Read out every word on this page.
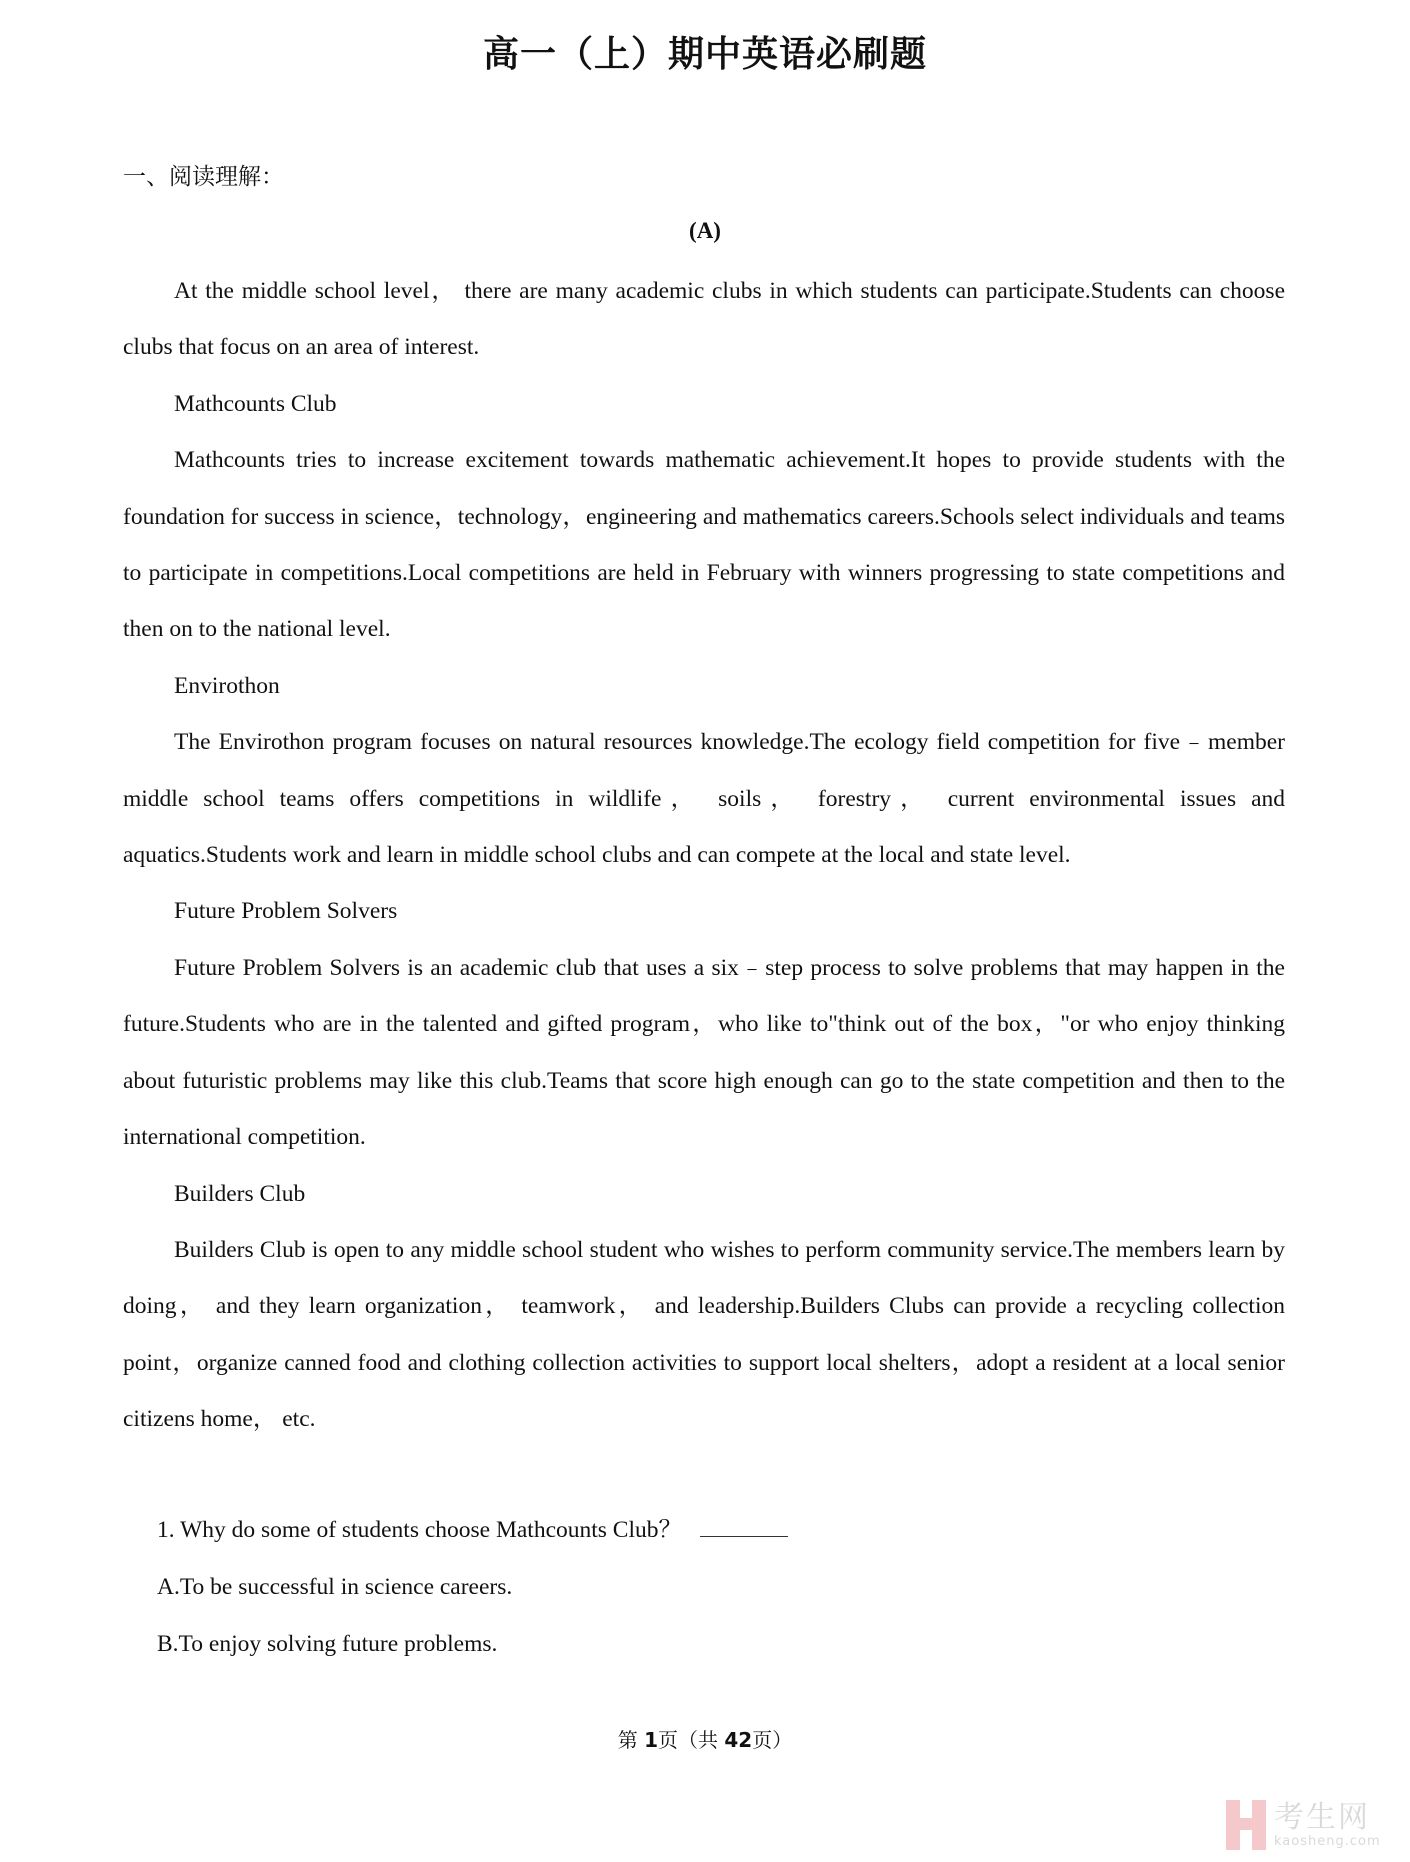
高一（上）期中英语必刷题
一、阅读理解：
(A)

At the middle school level， there are many academic clubs in which students can participate.Students can choose clubs that focus on an area of interest.

Mathcounts Club

Mathcounts tries to increase excitement towards mathematic achievement.It hopes to provide students with the foundation for success in science，technology，engineering and mathematics careers.Schools select individuals and teams to participate in competitions.Local competitions are held in February with winners progressing to state competitions and then on to the national level.

Envirothon

The Envirothon program focuses on natural resources knowledge.The ecology field competition for five﹣member middle school teams offers competitions in wildlife， soils， forestry， current environmental issues and aquatics.Students work and learn in middle school clubs and can compete at the local and state level.

Future Problem Solvers

Future Problem Solvers is an academic club that uses a six﹣step process to solve problems that may happen in the future.Students who are in the talented and gifted program，who like to"think out of the box，"or who enjoy thinking about futuristic problems may like this club.Teams that score high enough can go to the state competition and then to the international competition.

Builders Club

Builders Club is open to any middle school student who wishes to perform community service.The members learn by doing， and they learn organization， teamwork， and leadership.Builders Clubs can provide a recycling collection point，organize canned food and clothing collection activities to support local shelters，adopt a resident at a local senior citizens home， etc.

1. Why do some of students choose Mathcounts Club？

A.To be successful in science careers.

B.To enjoy solving future problems.

第 1页（共 42页）
考生网
kaosheng.com
